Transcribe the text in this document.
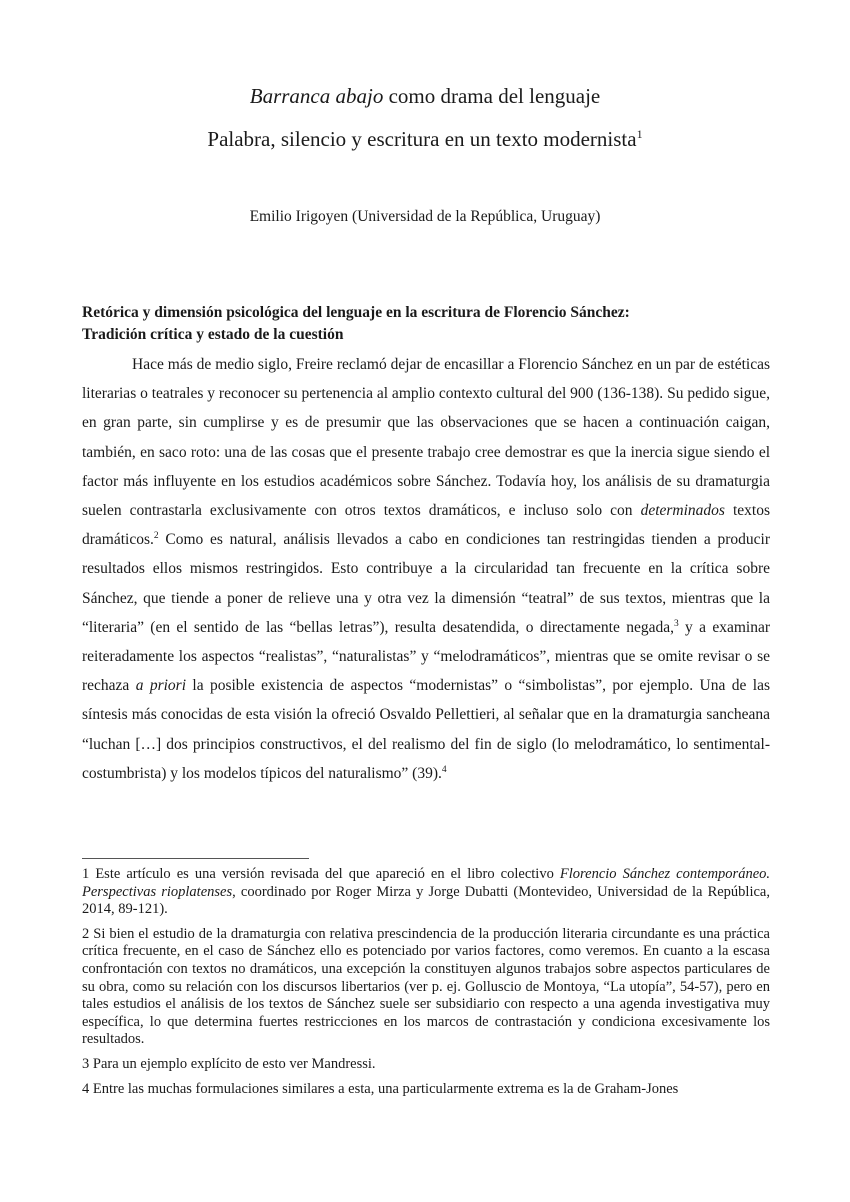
Barranca abajo como drama del lenguaje
Palabra, silencio y escritura en un texto modernista$^1$
Emilio Irigoyen (Universidad de la República, Uruguay)
Retórica y dimensión psicológica del lenguaje en la escritura de Florencio Sánchez:
Tradición crítica y estado de la cuestión

Hace más de medio siglo, Freire reclamó dejar de encasillar a Florencio Sánchez en un par de estéticas literarias o teatrales y reconocer su pertenencia al amplio contexto cultural del 900 (136-138). Su pedido sigue, en gran parte, sin cumplirse y es de presumir que las observaciones que se hacen a continuación caigan, también, en saco roto: una de las cosas que el presente trabajo cree demostrar es que la inercia sigue siendo el factor más influyente en los estudios académicos sobre Sánchez. Todavía hoy, los análisis de su dramaturgia suelen contrastarla exclusivamente con otros textos dramáticos, e incluso solo con determinados textos dramáticos.$^2$ Como es natural, análisis llevados a cabo en condiciones tan restringidas tienden a producir resultados ellos mismos restringidos. Esto contribuye a la circularidad tan frecuente en la crítica sobre Sánchez, que tiende a poner de relieve una y otra vez la dimensión “teatral” de sus textos, mientras que la “literaria” (en el sentido de las “bellas letras”), resulta desatendida, o directamente negada,$^3$ y a examinar reiteradamente los aspectos “realistas”, “naturalistas” y “melodramáticos”, mientras que se omite revisar o se rechaza a priori la posible existencia de aspectos “modernistas” o “simbolistas”, por ejemplo. Una de las síntesis más conocidas de esta visión la ofreció Osvaldo Pellettieri, al señalar que en la dramaturgia sancheana “luchan […] dos principios constructivos, el del realismo del fin de siglo (lo melodramático, lo sentimental-costumbrista) y los modelos típicos del naturalismo” (39).$^4$

1 Este artículo es una versión revisada del que apareció en el libro colectivo Florencio Sánchez contemporáneo. Perspectivas rioplatenses, coordinado por Roger Mirza y Jorge Dubatti (Montevideo, Universidad de la República, 2014, 89-121).

2 Si bien el estudio de la dramaturgia con relativa prescindencia de la producción literaria circundante es una práctica crítica frecuente, en el caso de Sánchez ello es potenciado por varios factores, como veremos. En cuanto a la escasa confrontación con textos no dramáticos, una excepción la constituyen algunos trabajos sobre aspectos particulares de su obra, como su relación con los discursos libertarios (ver p. ej. Golluscio de Montoya, “La utopía”, 54-57), pero en tales estudios el análisis de los textos de Sánchez suele ser subsidiario con respecto a una agenda investigativa muy específica, lo que determina fuertes restricciones en los marcos de contrastación y condiciona excesivamente los resultados.

3 Para un ejemplo explícito de esto ver Mandressi.

4 Entre las muchas formulaciones similares a esta, una particularmente extrema es la de Graham-Jones
